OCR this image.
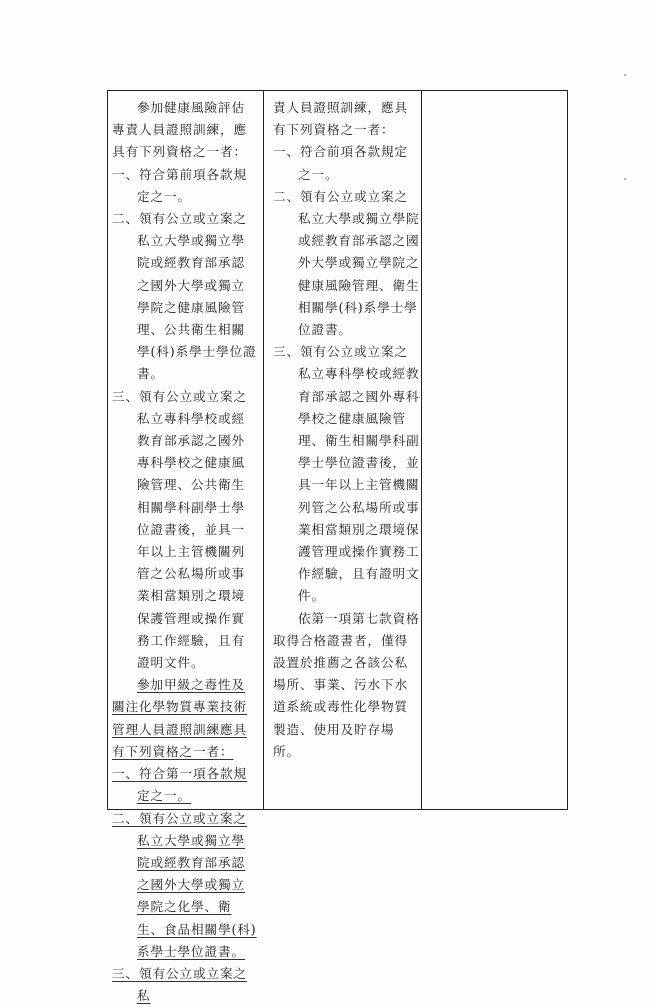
參加健康風險評估專責人員證照訓練，應具有下列資格之一者：

一、符合第前項各款規定之一。

二、領有公立或立案之私立大學或獨立學院或經教育部承認之國外大學或獨立學院之健康風險管理、公共衛生相關學(科)系學士學位證書。

三、領有公立或立案之私立專科學校或經教育部承認之國外專科學校之健康風險管理、公共衛生相關學科副學士學位證書後，並具一年以上主管機關列管之公私場所或事業相當類別之環境保護管理或操作實務工作經驗，且有證明文件。

參加甲級之毒性及關注化學物質專業技術管理人員證照訓練應具有下列資格之一者：

一、符合第一項各款規定之一。

二、領有公立或立案之私立大學或獨立學院或經教育部承認之國外大學或獨立學院之化學、衛生、食品相關學(科)系學士學位證書。

三、領有公立或立案之私

責人員證照訓練，應具有下列資格之一者：

一、符合前項各款規定之一。

二、領有公立或立案之私立大學或獨立學院或經教育部承認之國外大學或獨立學院之健康風險管理、衛生相關學(科)系學士學位證書。

三、領有公立或立案之私立專科學校或經教育部承認之國外專科學校之健康風險管理、衛生相關學科副學士學位證書後，並具一年以上主管機關列管之公私場所或事業相當類別之環境保護管理或操作實務工作經驗，且有證明文件。

依第一項第七款資格取得合格證書者，僅得設置於推薦之各該公私場所、事業、污水下水道系統或毒性化學物質製造、使用及貯存場所。
